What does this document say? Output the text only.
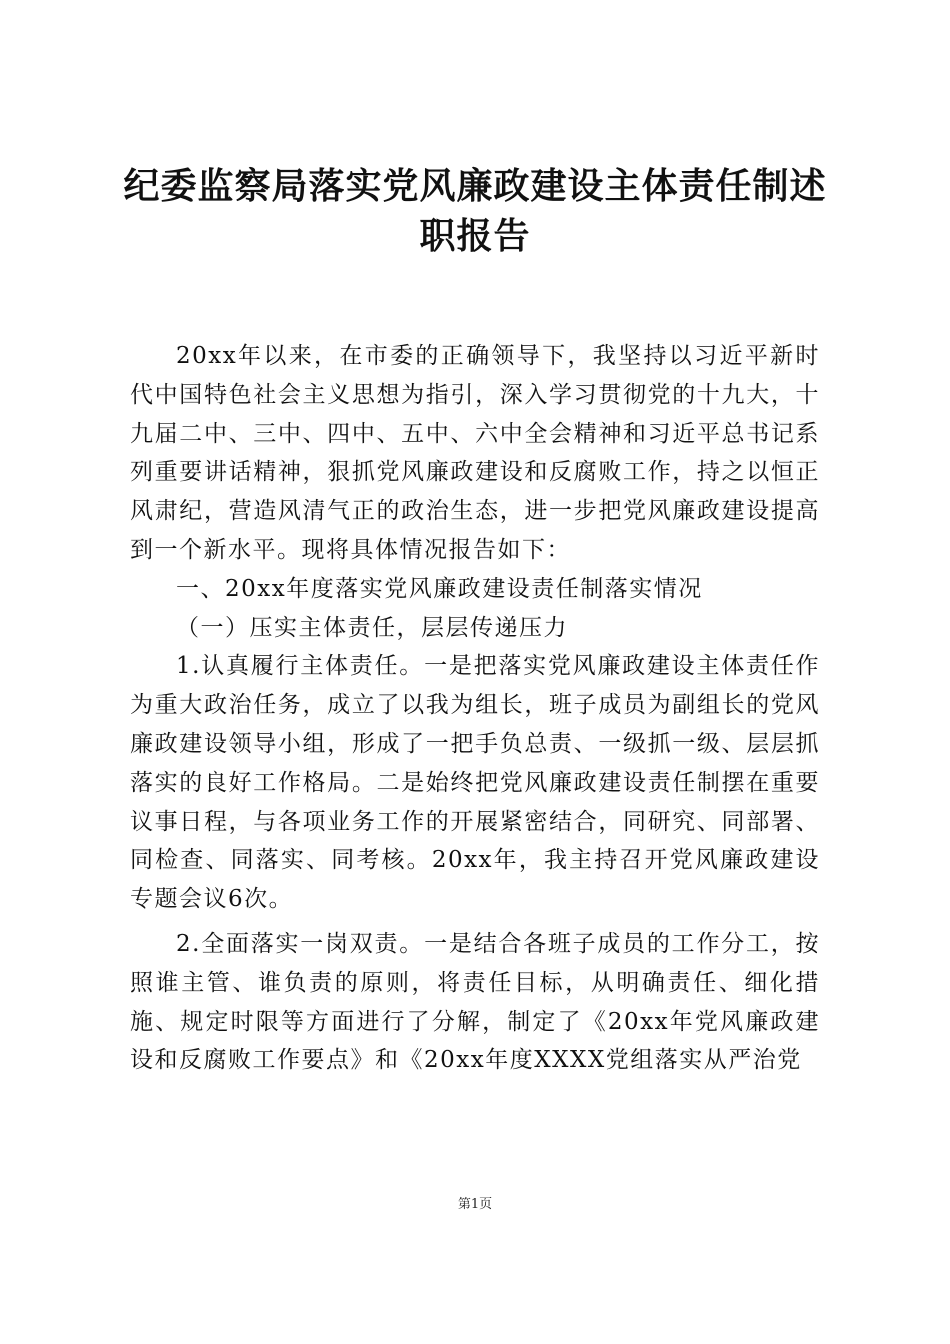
纪委监察局落实党风廉政建设主体责任制述职报告

20xx年以来，在市委的正确领导下，我坚持以习近平新时代中国特色社会主义思想为指引，深入学习贯彻党的十九大，十九届二中、三中、四中、五中、六中全会精神和习近平总书记系列重要讲话精神，狠抓党风廉政建设和反腐败工作，持之以恒正风肃纪，营造风清气正的政治生态，进一步把党风廉政建设提高到一个新水平。现将具体情况报告如下：

一、20xx年度落实党风廉政建设责任制落实情况

（一）压实主体责任，层层传递压力

1.认真履行主体责任。一是把落实党风廉政建设主体责任作为重大政治任务，成立了以我为组长，班子成员为副组长的党风廉政建设领导小组，形成了一把手负总责、一级抓一级、层层抓落实的良好工作格局。二是始终把党风廉政建设责任制摆在重要议事日程，与各项业务工作的开展紧密结合，同研究、同部署、同检查、同落实、同考核。20xx年，我主持召开党风廉政建设专题会议6次。

2.全面落实一岗双责。一是结合各班子成员的工作分工，按照谁主管、谁负责的原则，将责任目标，从明确责任、细化措施、规定时限等方面进行了分解，制定了《20xx年党风廉政建设和反腐败工作要点》和《20xx年度XXXX党组落实从严治党

第1页
